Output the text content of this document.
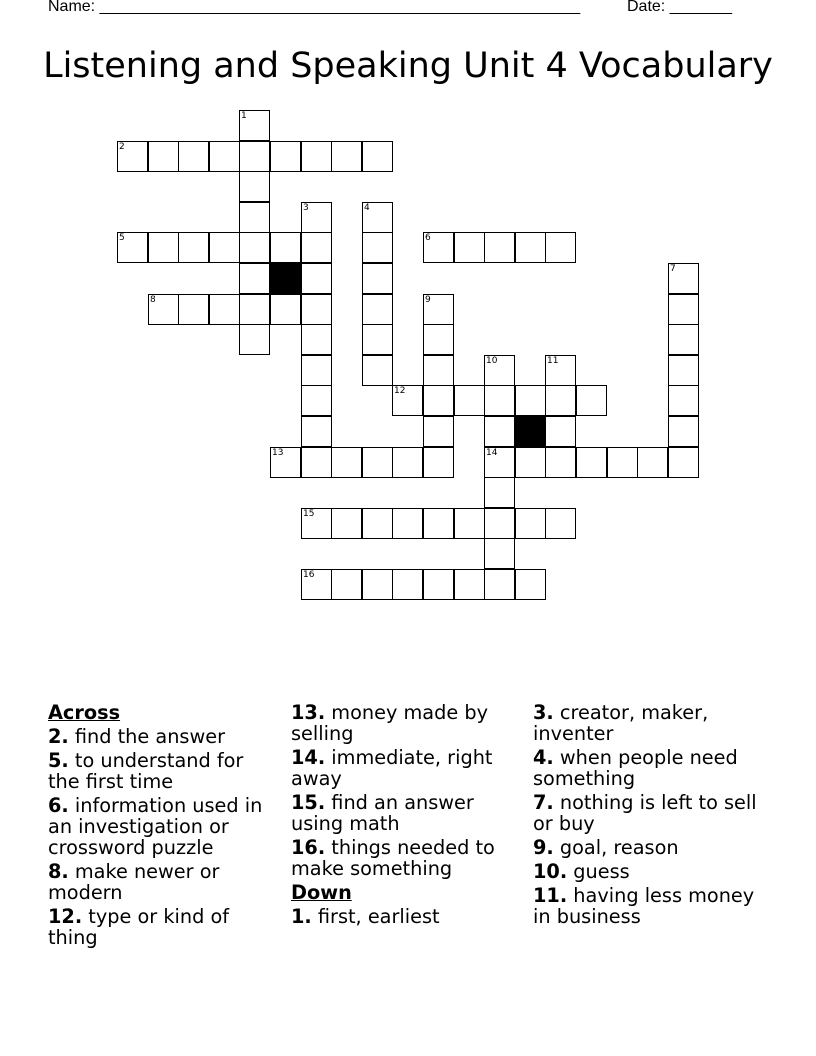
Name: ______________________________________________________	Date: _______
Listening and Speaking Unit 4 Vocabulary
2
5	6
8
12
13	14
15
16
1
3	4
7
9
10	11
Across
2. find the answer
5. to understand for the first time
6. information used in an investigation or crossword puzzle
8. make newer or modern
12. type or kind of thing
13. money made by selling
14. immediate, right away
15. find an answer using math
16. things needed to make something
Down
1. first, earliest
3. creator, maker, inventer
4. when people need something
7. nothing is left to sell or buy
9. goal, reason
10. guess
11. having less money in business
